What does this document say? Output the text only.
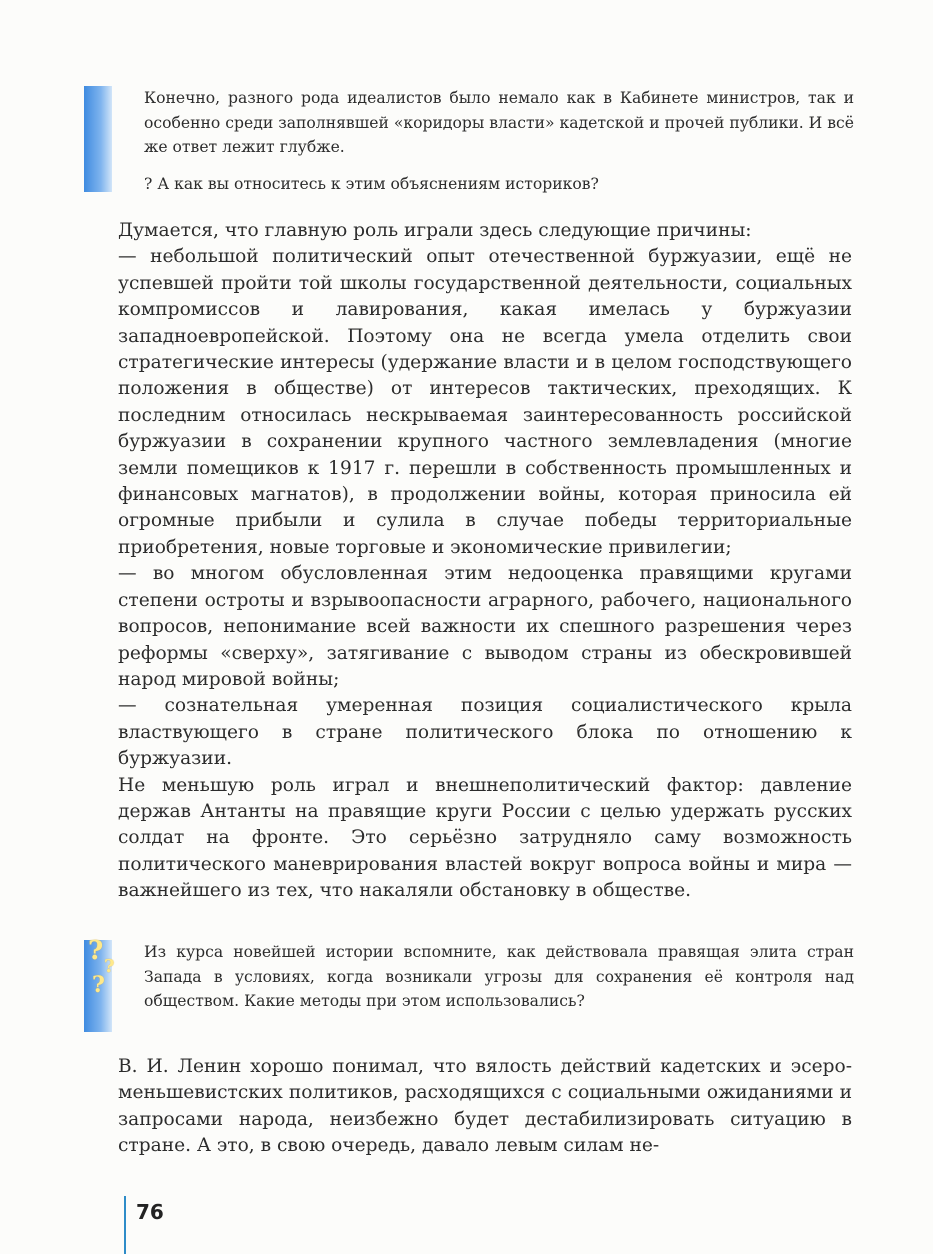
Конечно, разного рода идеалистов было немало как в Кабинете министров, так и особенно среди заполнявшей «коридоры власти» кадетской и прочей публики. И всё же ответ лежит глубже.

? А как вы относитесь к этим объяснениям историков?

Думается, что главную роль играли здесь следующие причины:

— небольшой политический опыт отечественной буржуазии, ещё не успевшей пройти той школы государственной деятельности, социальных компромиссов и лавирования, какая имелась у буржуазии западноевропейской. Поэтому она не всегда умела отделить свои стратегические интересы (удержание власти и в целом господствующего положения в обществе) от интересов тактических, преходящих. К последним относилась нескрываемая заинтересованность российской буржуазии в сохранении крупного частного землевладения (многие земли помещиков к 1917 г. перешли в собственность промышленных и финансовых магнатов), в продолжении войны, которая приносила ей огромные прибыли и сулила в случае победы территориальные приобретения, новые торговые и экономические привилегии;

— во многом обусловленная этим недооценка правящими кругами степени остроты и взрывоопасности аграрного, рабочего, национального вопросов, непонимание всей важности их спешного разрешения через реформы «сверху», затягивание с выводом страны из обескровившей народ мировой войны;

— сознательная умеренная позиция социалистического крыла властвующего в стране политического блока по отношению к буржуазии.

Не меньшую роль играл и внешнеполитический фактор: давление держав Антанты на правящие круги России с целью удержать русских солдат на фронте. Это серьёзно затрудняло саму возможность политического маневрирования властей вокруг вопроса войны и мира — важнейшего из тех, что накаляли обстановку в обществе.

?
?
?

Из курса новейшей истории вспомните, как действовала правящая элита стран Запада в условиях, когда возникали угрозы для сохранения её контроля над обществом. Какие методы при этом использовались?

В. И. Ленин хорошо понимал, что вялость действий кадетских и эсеро-меньшевистских политиков, расходящихся с социальными ожиданиями и запросами народа, неизбежно будет дестабилизировать ситуацию в стране. А это, в свою очередь, давало левым силам не-

76
